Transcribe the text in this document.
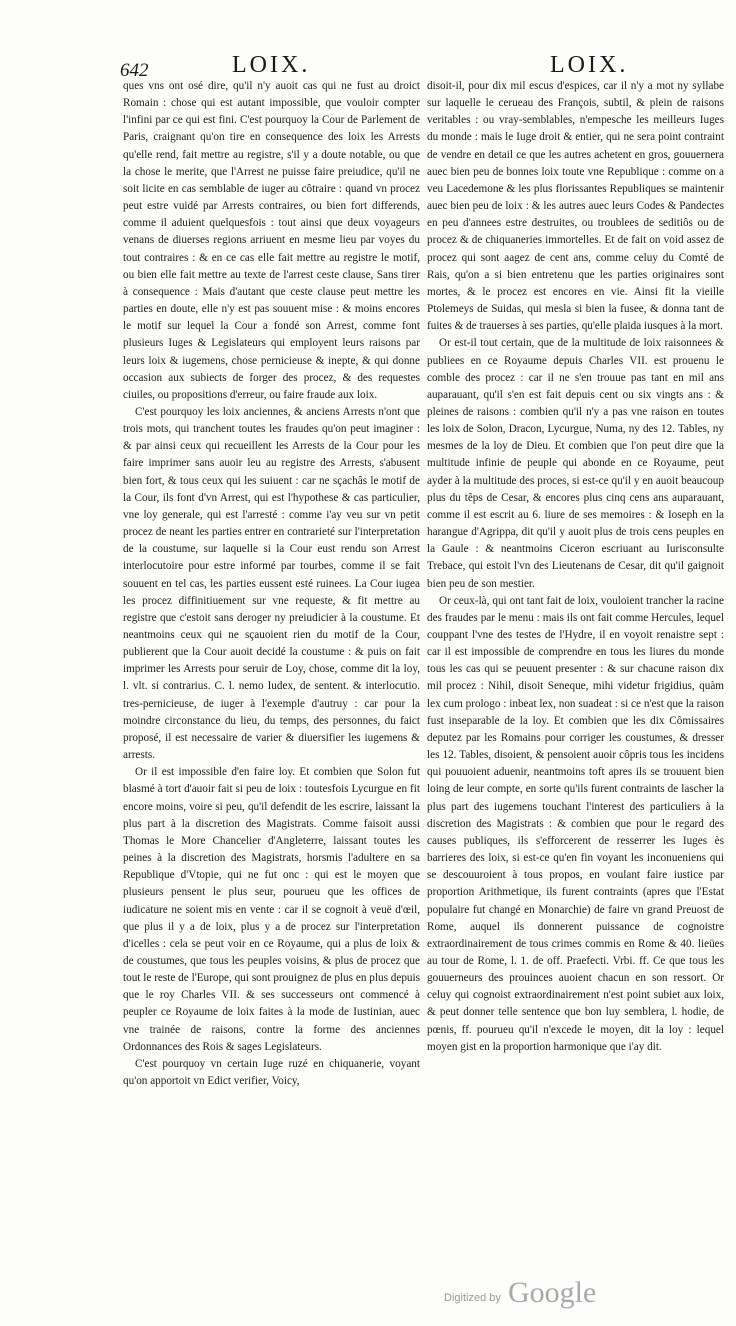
642	LOIX.	LOIX.

ques vns ont osé dire, qu'il n'y auoit cas qui ne fust au droict Romain : chose qui est autant impossible, que vouloir compter l'infini par ce qui est fini. C'est pourquoy la Cour de Parlement de Paris, craignant qu'on tire en consequence des loix les Arrests qu'elle rend, fait mettre au registre, s'il y a doute notable, ou que la chose le merite, que l'Arrest ne puisse faire preiudice, qu'il ne soit licite en cas semblable de iuger au côtraire : quand vn procez peut estre vuidé par Arrests contraires, ou bien fort differends, comme il aduient quelquesfois : tout ainsi que deux voyageurs venans de diuerses regions arriuent en mesme lieu par voyes du tout contraires : & en ce cas elle fait mettre au registre le motif, ou bien elle fait mettre au texte de l'arrest ceste clause, Sans tirer à consequence : Mais d'autant que ceste clause peut mettre les parties en doute, elle n'y est pas souuent mise : & moins encores le motif sur lequel la Cour a fondé son Arrest, comme font plusieurs Iuges & Legislateurs qui employent leurs raisons par leurs loix & iugemens, chose pernicieuse & inepte, & qui donne occasion aux subiects de forger des procez, & des requestes ciuiles, ou propositions d'erreur, ou faire fraude aux loix.

C'est pourquoy les loix anciennes, & anciens Arrests n'ont que trois mots, qui tranchent toutes les fraudes qu'on peut imaginer : & par ainsi ceux qui recueillent les Arrests de la Cour pour les faire imprimer sans auoir leu au registre des Arrests, s'abusent bien fort, & tous ceux qui les suiuent : car ne sçachâs le motif de la Cour, ils font d'vn Arrest, qui est l'hypothese & cas particulier, vne loy generale, qui est l'arresté : comme i'ay veu sur vn petit procez de neant les parties entrer en contrarieté sur l'interpretation de la coustume, sur laquelle si la Cour eust rendu son Arrest interlocutoire pour estre informé par tourbes, comme il se fait souuent en tel cas, les parties eussent esté ruinees. La Cour iugea les procez diffinitiuement sur vne requeste, & fit mettre au registre que c'estoit sans deroger ny preiudicier à la coustume. Et neantmoins ceux qui ne sçauoient rien du motif de la Cour, publierent que la Cour auoit decidé la coustume : & puis on fait imprimer les Arrests pour seruir de Loy, chose, comme dit la loy, l. vlt. si contrarius. C. l. nemo Iudex, de sentent. & interlocutio. tres-pernicieuse, de iuger à l'exemple d'autruy : car pour la moindre circonstance du lieu, du temps, des personnes, du faict proposé, il est necessaire de varier & diuersifier les iugemens & arrests.

Or il est impossible d'en faire loy. Et combien que Solon fut blasmé à tort d'auoir fait si peu de loix : toutesfois Lycurgue en fit encore moins, voire si peu, qu'il defendit de les escrire, laissant la plus part à la discretion des Magistrats. Comme faisoit aussi Thomas le More Chancelier d'Angleterre, laissant toutes les peines à la discretion des Magistrats, horsmis l'adultere en sa Republique d'Vtopie, qui ne fut onc : qui est le moyen que plusieurs pensent le plus seur, pourueu que les offices de iudicature ne soient mis en vente : car il se cognoit à veuë d'œil, que plus il y a de loix, plus y a de procez sur l'interpretation d'icelles : cela se peut voir en ce Royaume, qui a plus de loix & de coustumes, que tous les peuples voisins, & plus de procez que tout le reste de l'Europe, qui sont prouignez de plus en plus depuis que le roy Charles VII. & ses successeurs ont commencé à peupler ce Royaume de loix faites à la mode de Iustinian, auec vne trainée de raisons, contre la forme des anciennes Ordonnances des Rois & sages Legislateurs.

C'est pourquoy vn certain Iuge ruzé en chiquanerie, voyant qu'on apportoit vn Edict verifier, Voicy,

disoit-il, pour dix mil escus d'espices, car il n'y a mot ny syllabe sur laquelle le cerueau des François, subtil, & plein de raisons veritables : ou vray-semblables, n'empesche les meilleurs Iuges du monde : mais le Iuge droit & entier, qui ne sera point contraint de vendre en detail ce que les autres achetent en gros, gouuernera auec bien peu de bonnes loix toute vne Republique : comme on a veu Lacedemone & les plus florissantes Republiques se maintenir auec bien peu de loix : & les autres auec leurs Codes & Pandectes en peu d'annees estre destruites, ou troublees de seditiôs ou de procez & de chiquaneries immortelles. Et de fait on void assez de procez qui sont aagez de cent ans, comme celuy du Comté de Rais, qu'on a si bien entretenu que les parties originaires sont mortes, & le procez est encores en vie. Ainsi fit la vieille Ptolemeys de Suidas, qui mesla si bien la fusee, & donna tant de fuites & de trauerses à ses parties, qu'elle plaida iusques à la mort.

Or est-il tout certain, que de la multitude de loix raisonnees & publiees en ce Royaume depuis Charles VII. est prouenu le comble des procez : car il ne s'en trouue pas tant en mil ans auparauant, qu'il s'en est fait depuis cent ou six vingts ans : & pleines de raisons : combien qu'il n'y a pas vne raison en toutes les loix de Solon, Dracon, Lycurgue, Numa, ny des 12. Tables, ny mesmes de la loy de Dieu. Et combien que l'on peut dire que la multitude infinie de peuple qui abonde en ce Royaume, peut ayder à la multitude des proces, si est-ce qu'il y en auoit beaucoup plus du têps de Cesar, & encores plus cinq cens ans auparauant, comme il est escrit au 6. liure de ses memoires : & Ioseph en la harangue d'Agrippa, dit qu'il y auoit plus de trois cens peuples en la Gaule : & neantmoins Ciceron escriuant au Iurisconsulte Trebace, qui estoit l'vn des Lieutenans de Cesar, dit qu'il gaignoit bien peu de son mestier.

Or ceux-là, qui ont tant fait de loix, vouloient trancher la racine des fraudes par le menu : mais ils ont fait comme Hercules, lequel couppant l'vne des testes de l'Hydre, il en voyoit renaistre sept : car il est impossible de comprendre en tous les liures du monde tous les cas qui se peuuent presenter : & sur chacune raison dix mil procez : Nihil, disoit Seneque, mihi videtur frigidius, quàm lex cum prologo : inbeat lex, non suadeat : si ce n'est que la raison fust inseparable de la loy. Et combien que les dix Cômissaires deputez par les Romains pour corriger les coustumes, & dresser les 12. Tables, disoient, & pensoient auoir côpris tous les incidens qui pouuoient aduenir, neantmoins toft apres ils se trouuent bien loing de leur compte, en sorte qu'ils furent contraints de lascher la plus part des iugemens touchant l'interest des particuliers à la discretion des Magistrats : & combien que pour le regard des causes publiques, ils s'efforcerent de resserrer les Iuges ès barrieres des loix, si est-ce qu'en fin voyant les inconueniens qui se descouuroient à tous propos, en voulant faire iustice par proportion Arithmetique, ils furent contraints (apres que l'Estat populaire fut changé en Monarchie) de faire vn grand Preuost de Rome, auquel ils donnerent puissance de cognoistre extraordinairement de tous crimes commis en Rome & 40. lieües au tour de Rome, l. 1. de off. Praefecti. Vrbi. ff. Ce que tous les gouuerneurs des prouinces auoient chacun en son ressort. Or celuy qui cognoist extraordinairement n'est point subiet aux loix, & peut donner telle sentence que bon luy semblera, l. hodie, de pœnis, ff. pourueu qu'il n'excede le moyen, dit la loy : lequel moyen gist en la proportion harmonique que i'ay dit.

Digitized by Google
